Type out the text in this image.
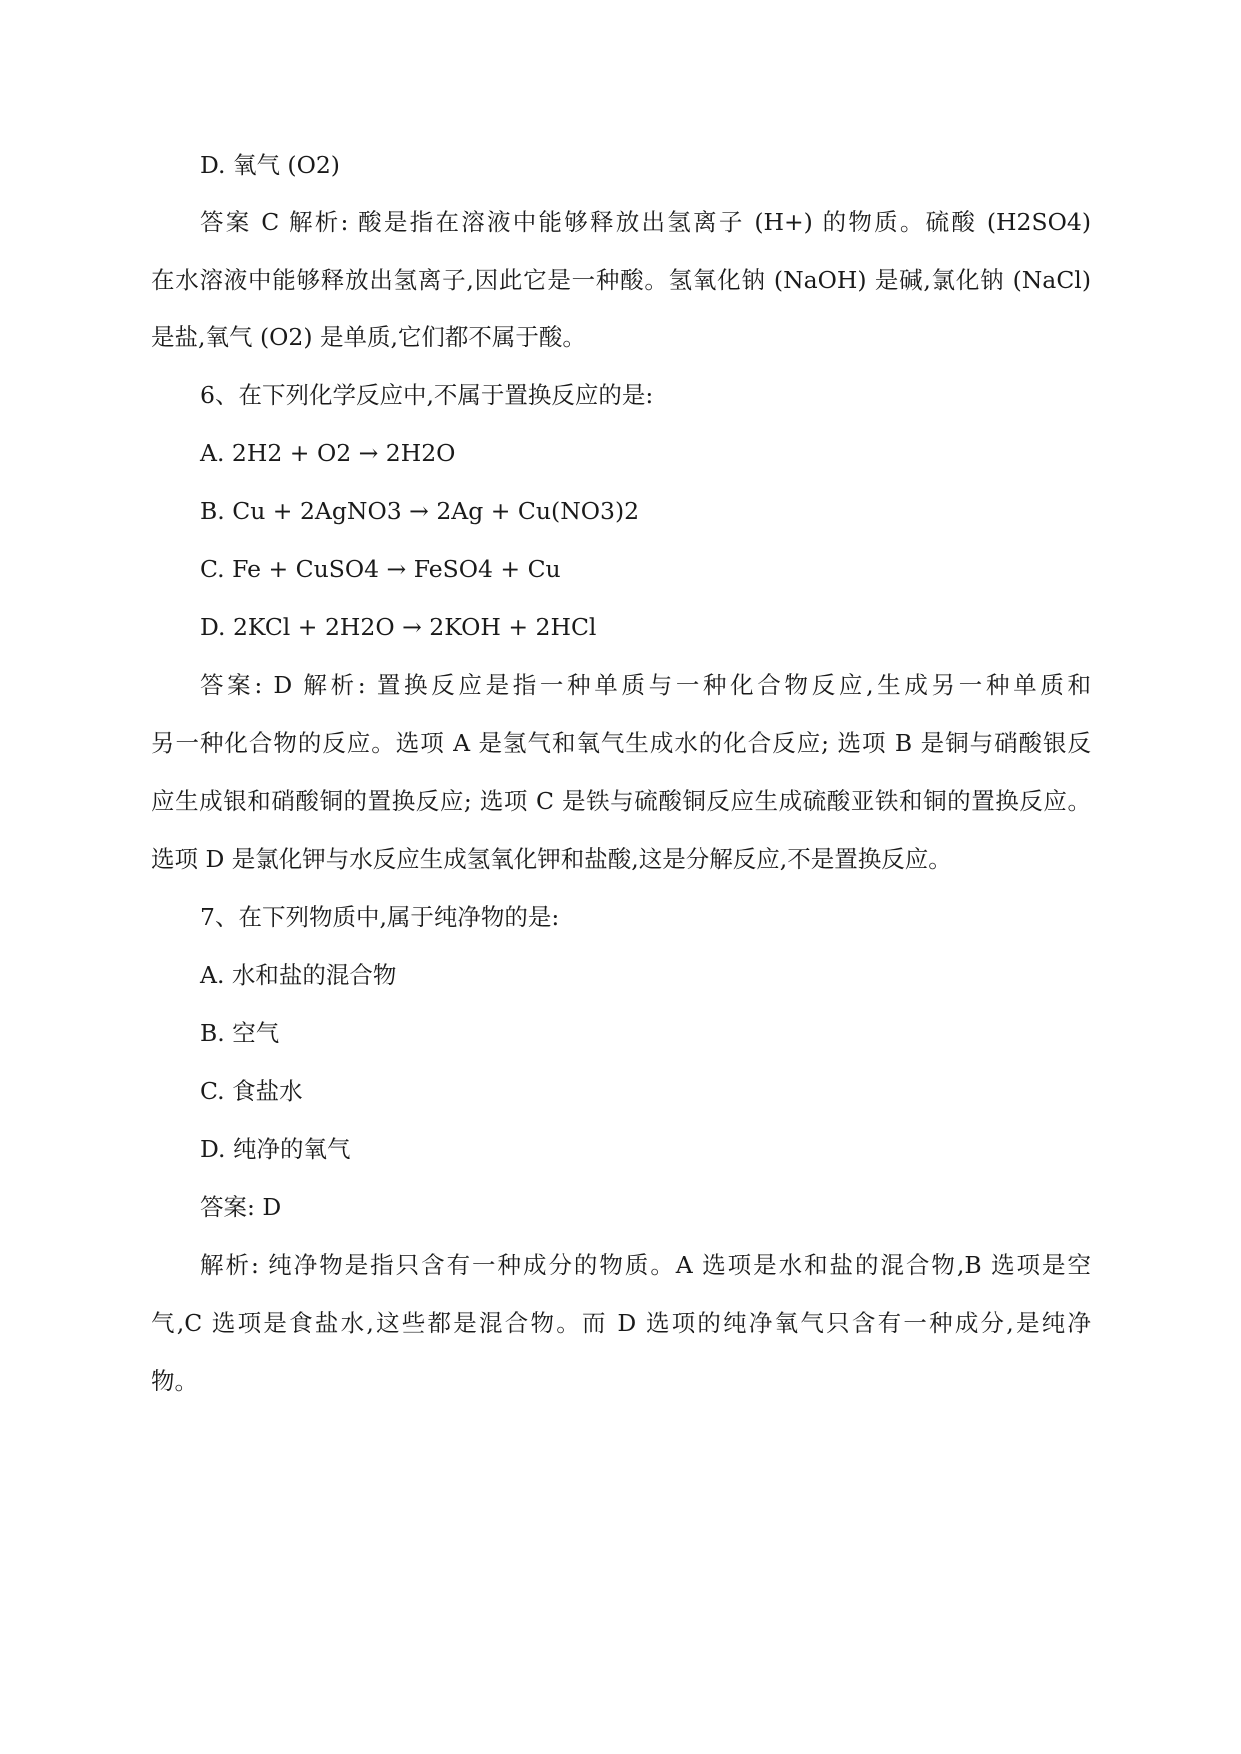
D. 氧气 (O2)
答案 C 解析: 酸是指在溶液中能够释放出氢离子 (H+) 的物质。硫酸 (H2SO4)
在水溶液中能够释放出氢离子,因此它是一种酸。氢氧化钠 (NaOH) 是碱,氯化钠 (NaCl)
是盐,氧气 (O2) 是单质,它们都不属于酸。
6、在下列化学反应中,不属于置换反应的是:
A. 2H2 + O2 → 2H2O
B. Cu + 2AgNO3 → 2Ag + Cu(NO3)2
C. Fe + CuSO4 → FeSO4 + Cu
D. 2KCl + 2H2O → 2KOH + 2HCl
答案: D 解析: 置换反应是指一种单质与一种化合物反应,生成另一种单质和
另一种化合物的反应。选项 A 是氢气和氧气生成水的化合反应; 选项 B 是铜与硝酸银反
应生成银和硝酸铜的置换反应; 选项 C 是铁与硫酸铜反应生成硫酸亚铁和铜的置换反应。
选项 D 是氯化钾与水反应生成氢氧化钾和盐酸,这是分解反应,不是置换反应。
7、在下列物质中,属于纯净物的是:
A. 水和盐的混合物
B. 空气
C. 食盐水
D. 纯净的氧气
答案: D
解析: 纯净物是指只含有一种成分的物质。A 选项是水和盐的混合物,B 选项是空
气,C 选项是食盐水,这些都是混合物。而 D 选项的纯净氧气只含有一种成分,是纯净
物。
